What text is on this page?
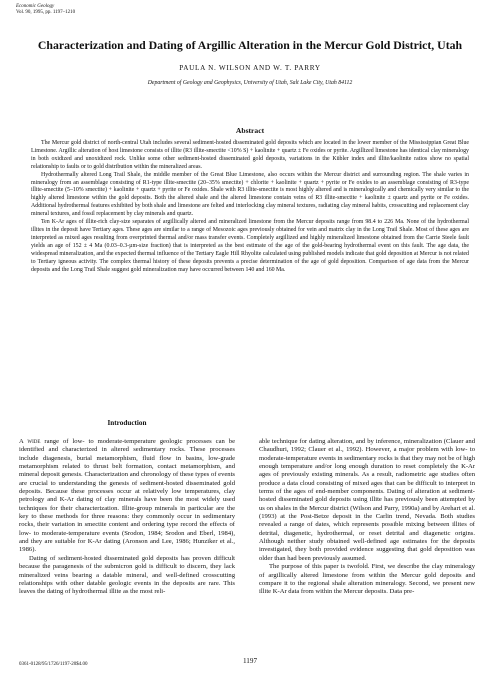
Economic Geology
Vol. 90, 1995, pp. 1197–1210
Characterization and Dating of Argillic Alteration in the Mercur Gold District, Utah
PAULA N. WILSON AND W. T. PARRY
Department of Geology and Geophysics, University of Utah, Salt Lake City, Utah 84112
Abstract

The Mercur gold district of north-central Utah includes several sediment-hosted disseminated gold deposits which are located in the lower member of the Mississippian Great Blue Limestone. Argillic alteration of host limestone consists of illite (R3 illite-smectite <10% S) + kaolinite + quartz ± Fe oxides or pyrite. Argillized limestone has identical clay mineralogy in both oxidized and unoxidized rock. Unlike some other sediment-hosted disseminated gold deposits, variations in the Kübler index and illite/kaolinite ratios show no spatial relationship to faults or to gold distribution within the mineralized areas.

Hydrothermally altered Long Trail Shale, the middle member of the Great Blue Limestone, also occurs within the Mercur district and surrounding region. The shale varies in mineralogy from an assemblage consisting of R1-type illite-smectite (20–35% smectite) + chlorite + kaolinite + quartz + pyrite or Fe oxides to an assemblage consisting of R3-type illite-smectite (5–10% smectite) + kaolinite + quartz + pyrite or Fe oxides. Shale with R3 illite-smectite is most highly altered and is mineralogically and chemically very similar to the highly altered limestone within the gold deposits. Both the altered shale and the altered limestone contain veins of R3 illite-smectite + kaolinite ± quartz and pyrite or Fe oxides. Additional hydrothermal features exhibited by both shale and limestone are felted and interlocking clay mineral textures, radiating clay mineral habits, crosscutting and replacement clay mineral textures, and fossil replacement by clay minerals and quartz.

Ten K-Ar ages of illite-rich clay-size separates of argillically altered and mineralized limestone from the Mercur deposits range from 98.4 to 226 Ma. None of the hydrothermal illites in the deposit have Tertiary ages. These ages are similar to a range of Mesozoic ages previously obtained for vein and matrix clay in the Long Trail Shale. Most of these ages are interpreted as mixed ages resulting from overprinted thermal and/or mass transfer events. Completely argillized and highly mineralized limestone obtained from the Carrie Steele fault yields an age of 152 ± 4 Ma (0.03–0.3-µm-size fraction) that is interpreted as the best estimate of the age of the gold-bearing hydrothermal event on this fault. The age data, the widespread mineralization, and the expected thermal influence of the Tertiary Eagle Hill Rhyolite calculated using published models indicate that gold deposition at Mercur is not related to Tertiary igneous activity. The complex thermal history of these deposits prevents a precise determination of the age of gold deposition. Comparison of age data from the Mercur deposits and the Long Trail Shale suggest gold mineralization may have occurred between 140 and 160 Ma.

Introduction

A wide range of low- to moderate-temperature geologic processes can be identified and characterized in altered sedimentary rocks. These processes include diagenesis, burial metamorphism, fluid flow in basins, low-grade metamorphism related to thrust belt formation, contact metamorphism, and mineral deposit genesis. Characterization and chronology of these types of events are crucial to understanding the genesis of sediment-hosted disseminated gold deposits. Because these processes occur at relatively low temperatures, clay petrology and K-Ar dating of clay minerals have been the most widely used techniques for their characterization. Illite-group minerals in particular are the key to these methods for three reasons: they commonly occur in sedimentary rocks, their variation in smectite content and ordering type record the effects of low- to moderate-temperature events (Srodon, 1984; Srodon and Eberl, 1984), and they are suitable for K-Ar dating (Aronson and Lee, 1986; Hunziker et al., 1986).

Dating of sediment-hosted disseminated gold deposits has proven difficult because the paragenesis of the submicron gold is difficult to discern, they lack mineralized veins bearing a datable mineral, and well-defined crosscutting relationships with other datable geologic events in the deposits are rare. This leaves the dating of hydrothermal illite as the most reli-

able technique for dating alteration, and by inference, mineralization (Clauer and Chaudhuri, 1992; Clauer et al., 1992). However, a major problem with low- to moderate-temperature events in sedimentary rocks is that they may not be of high enough temperature and/or long enough duration to reset completely the K-Ar ages of previously existing minerals. As a result, radiometric age studies often produce a data cloud consisting of mixed ages that can be difficult to interpret in terms of the ages of end-member components. Dating of alteration at sediment-hosted disseminated gold deposits using illite has previously been attempted by us on shales in the Mercur district (Wilson and Parry, 1990a) and by Arehart et al. (1993) at the Post-Betze deposit in the Carlin trend, Nevada. Both studies revealed a range of dates, which represents possible mixing between illites of detrital, diagenetic, hydrothermal, or reset detrital and diagenetic origins. Although neither study obtained well-defined age estimates for the deposits investigated, they both provided evidence suggesting that gold deposition was older than had been previously assumed.

The purpose of this paper is twofold. First, we describe the clay mineralogy of argillically altered limestone from within the Mercur gold deposits and compare it to the regional shale alteration mineralogy. Second, we present new illite K-Ar data from within the Mercur deposits. Data pre-

0361-0128/95/1726/1197-20$4.00	1197
